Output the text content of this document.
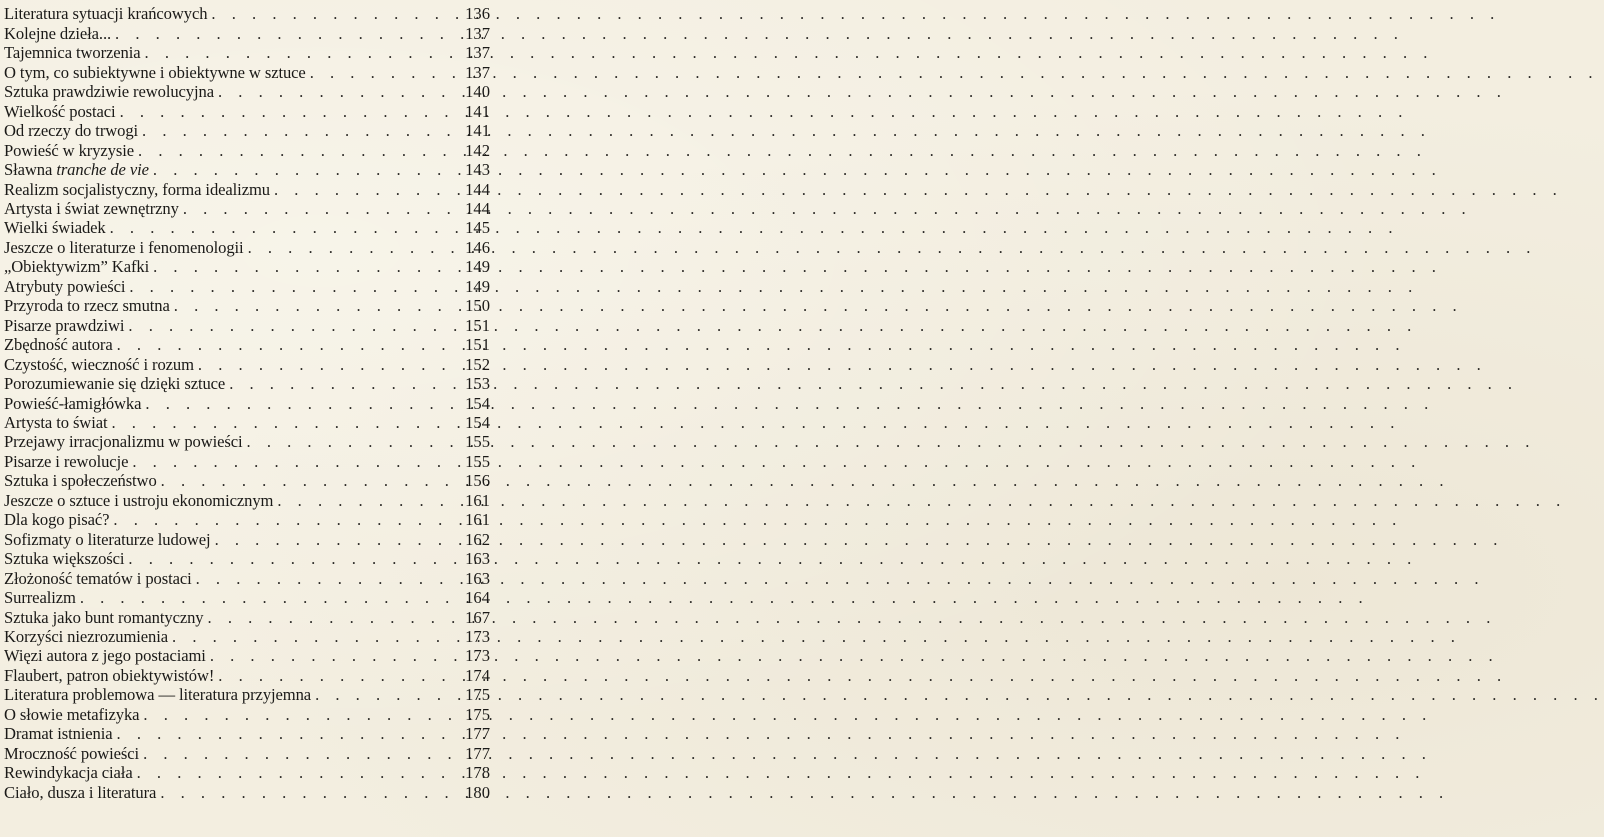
Literatura sytuacji krańcowych . . .	136
Kolejne dzieła... . . .	137
Tajemnica tworzenia . . .	137
O tym, co subiektywne i obiektywne w sztuce . . .	137
Sztuka prawdziwie rewolucyjna . . .	140
Wielkość postaci . . .	141
Od rzeczy do trwogi . . .	141
Powieść w kryzysie . . .	142
Sławna tranche de vie . . .	143
Realizm socjalistyczny, forma idealizmu . . .	144
Artysta i świat zewnętrzny . . .	144
Wielki świadek . . .	145
Jeszcze o literaturze i fenomenologii . . .	146
„Obiektywizm” Kafki . . .	149
Atrybuty powieści . . .	149
Przyroda to rzecz smutna . . .	150
Pisarze prawdziwi . . .	151
Zbędność autora . . .	151
Czystość, wieczność i rozum . . .	152
Porozumiewanie się dzięki sztuce . . .	153
Powieść-łamigłówka . . .	154
Artysta to świat . . .	154
Przejawy irracjonalizmu w powieści . . .	155
Pisarze i rewolucje . . .	155
Sztuka i społeczeństwo . . .	156
Jeszcze o sztuce i ustroju ekonomicznym . . .	161
Dla kogo pisać? . . .	161
Sofizmaty o literaturze ludowej . . .	162
Sztuka większości . . .	163
Złożoność tematów i postaci . . .	163
Surrealizm . . .	164
Sztuka jako bunt romantyczny . . .	167
Korzyści niezrozumienia . . .	173
Więzi autora z jego postaciami . . .	173
Flaubert, patron obiektywistów! . . .	174
Literatura problemowa — literatura przyjemna . . .	175
O słowie metafizyka . . .	175
Dramat istnienia . . .	177
Mroczność powieści . . .	177
Rewindykacja ciała . . .	178
Ciało, dusza i literatura . . .	180
